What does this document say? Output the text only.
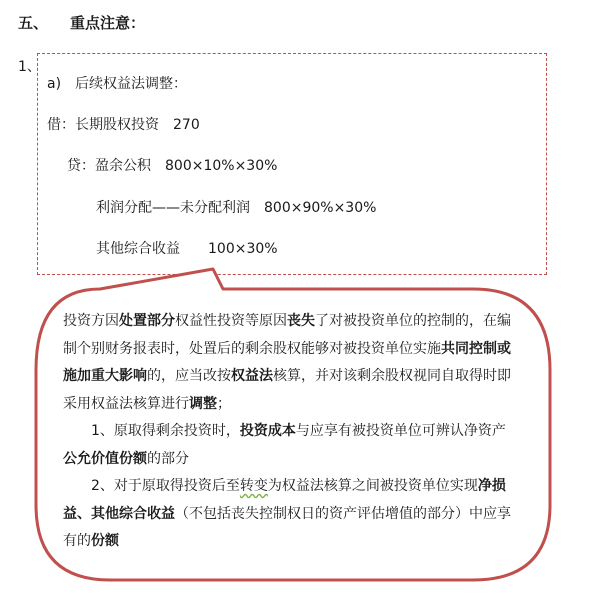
五、 重点注意：
1、
a)　后续权益法调整：
借：长期股权投资　270
贷：盈余公积　800×10%×30%
利润分配——未分配利润　800×90%×30%
其他综合收益　　100×30%

投资方因处置部分权益性投资等原因丧失了对被投资单位的控制的，在编制个别财务报表时，处置后的剩余股权能够对被投资单位实施共同控制或施加重大影响的，应当改按权益法核算，并对该剩余股权视同自取得时即采用权益法核算进行调整；

1、原取得剩余投资时，投资成本与应享有被投资单位可辨认净资产公允价值份额的部分

2、对于原取得投资后至转变为权益法核算之间被投资单位实现净损益、其他综合收益（不包括丧失控制权日的资产评估增值的部分）中应享有的份额
